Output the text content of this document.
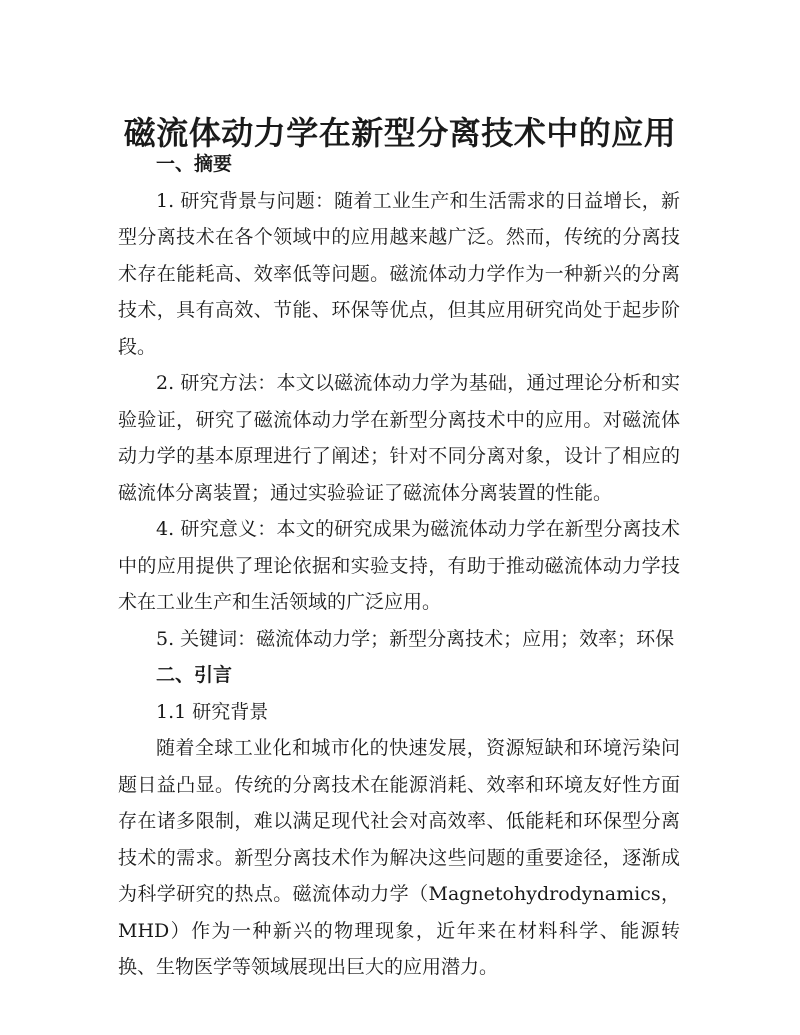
磁流体动力学在新型分离技术中的应用
一、摘要

1. 研究背景与问题：随着工业生产和生活需求的日益增长，新型分离技术在各个领域中的应用越来越广泛。然而，传统的分离技术存在能耗高、效率低等问题。磁流体动力学作为一种新兴的分离技术，具有高效、节能、环保等优点，但其应用研究尚处于起步阶段。

2. 研究方法：本文以磁流体动力学为基础，通过理论分析和实验验证，研究了磁流体动力学在新型分离技术中的应用。对磁流体动力学的基本原理进行了阐述；针对不同分离对象，设计了相应的磁流体分离装置；通过实验验证了磁流体分离装置的性能。

4. 研究意义：本文的研究成果为磁流体动力学在新型分离技术中的应用提供了理论依据和实验支持，有助于推动磁流体动力学技术在工业生产和生活领域的广泛应用。

5. 关键词：磁流体动力学；新型分离技术；应用；效率；环保

二、引言

1.1 研究背景

随着全球工业化和城市化的快速发展，资源短缺和环境污染问题日益凸显。传统的分离技术在能源消耗、效率和环境友好性方面存在诸多限制，难以满足现代社会对高效率、低能耗和环保型分离技术的需求。新型分离技术作为解决这些问题的重要途径，逐渐成为科学研究的热点。磁流体动力学（Magnetohydrodynamics，MHD）作为一种新兴的物理现象，近年来在材料科学、能源转换、生物医学等领域展现出巨大的应用潜力。
